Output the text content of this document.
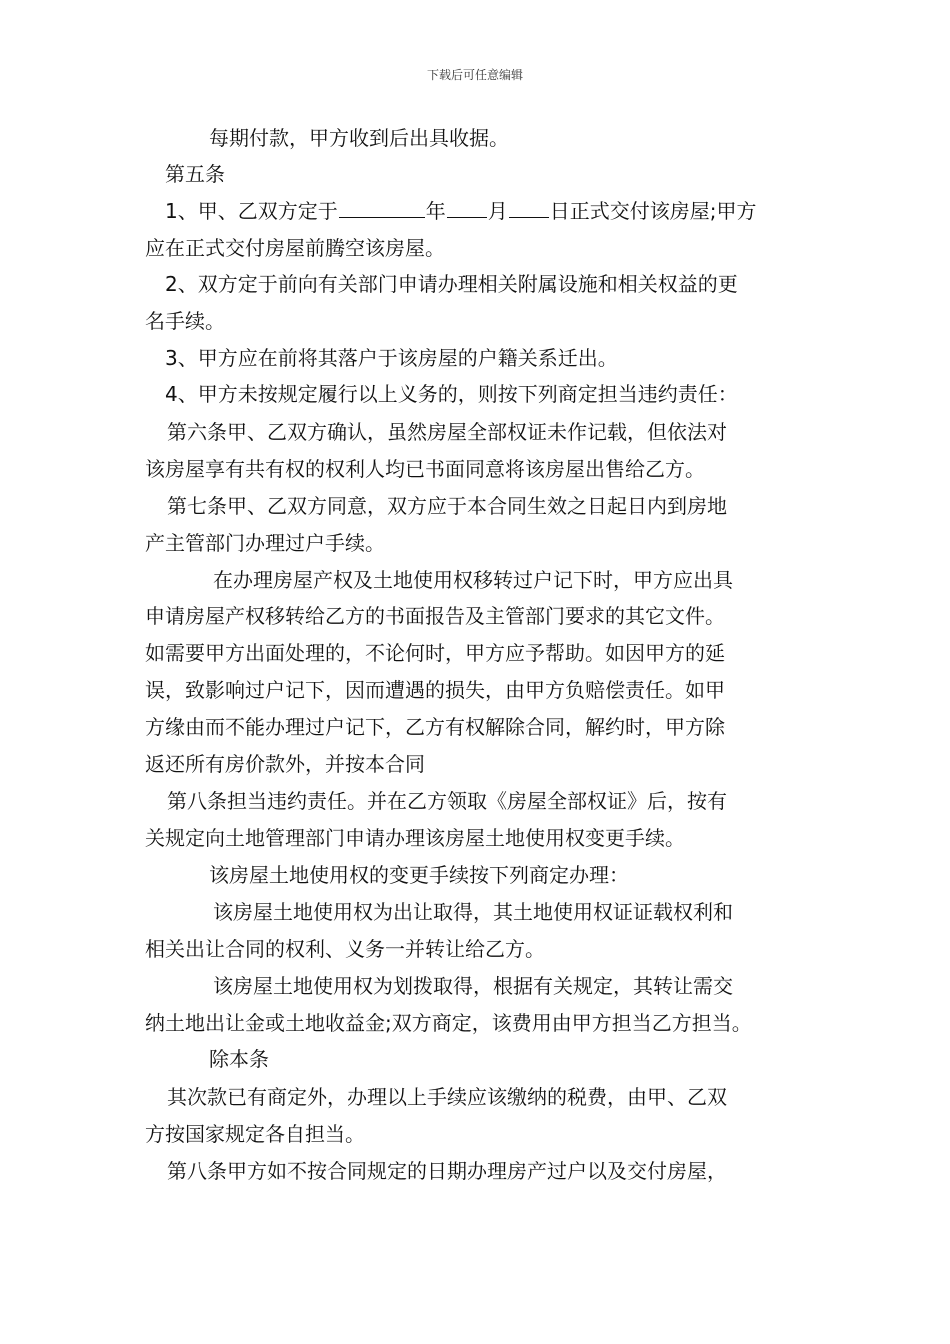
下载后可任意编辑
每期付款，甲方收到后出具收据。
第五条
1、甲、乙双方定于	年 月 日正式交付该房屋;甲方
应在正式交付房屋前腾空该房屋。
2、双方定于前向有关部门申请办理相关附属设施和相关权益的更
名手续。
3、甲方应在前将其落户于该房屋的户籍关系迁出。
4、甲方未按规定履行以上义务的，则按下列商定担当违约责任：
第六条甲、乙双方确认，虽然房屋全部权证未作记载，但依法对
该房屋享有共有权的权利人均已书面同意将该房屋出售给乙方。
第七条甲、乙双方同意，双方应于本合同生效之日起日内到房地
产主管部门办理过户手续。
在办理房屋产权及土地使用权移转过户记下时，甲方应出具
申请房屋产权移转给乙方的书面报告及主管部门要求的其它文件。
如需要甲方出面处理的，不论何时，甲方应予帮助。如因甲方的延
误，致影响过户记下，因而遭遇的损失，由甲方负赔偿责任。如甲
方缘由而不能办理过户记下，乙方有权解除合同，解约时，甲方除
返还所有房价款外，并按本合同
第八条担当违约责任。并在乙方领取《房屋全部权证》后，按有
关规定向土地管理部门申请办理该房屋土地使用权变更手续。
该房屋土地使用权的变更手续按下列商定办理：
该房屋土地使用权为出让取得，其土地使用权证证载权利和
相关出让合同的权利、义务一并转让给乙方。
该房屋土地使用权为划拨取得，根据有关规定，其转让需交
纳土地出让金或土地收益金;双方商定，该费用由甲方担当乙方担当。
除本条
其次款已有商定外，办理以上手续应该缴纳的税费，由甲、乙双
方按国家规定各自担当。
第八条甲方如不按合同规定的日期办理房产过户以及交付房屋，
